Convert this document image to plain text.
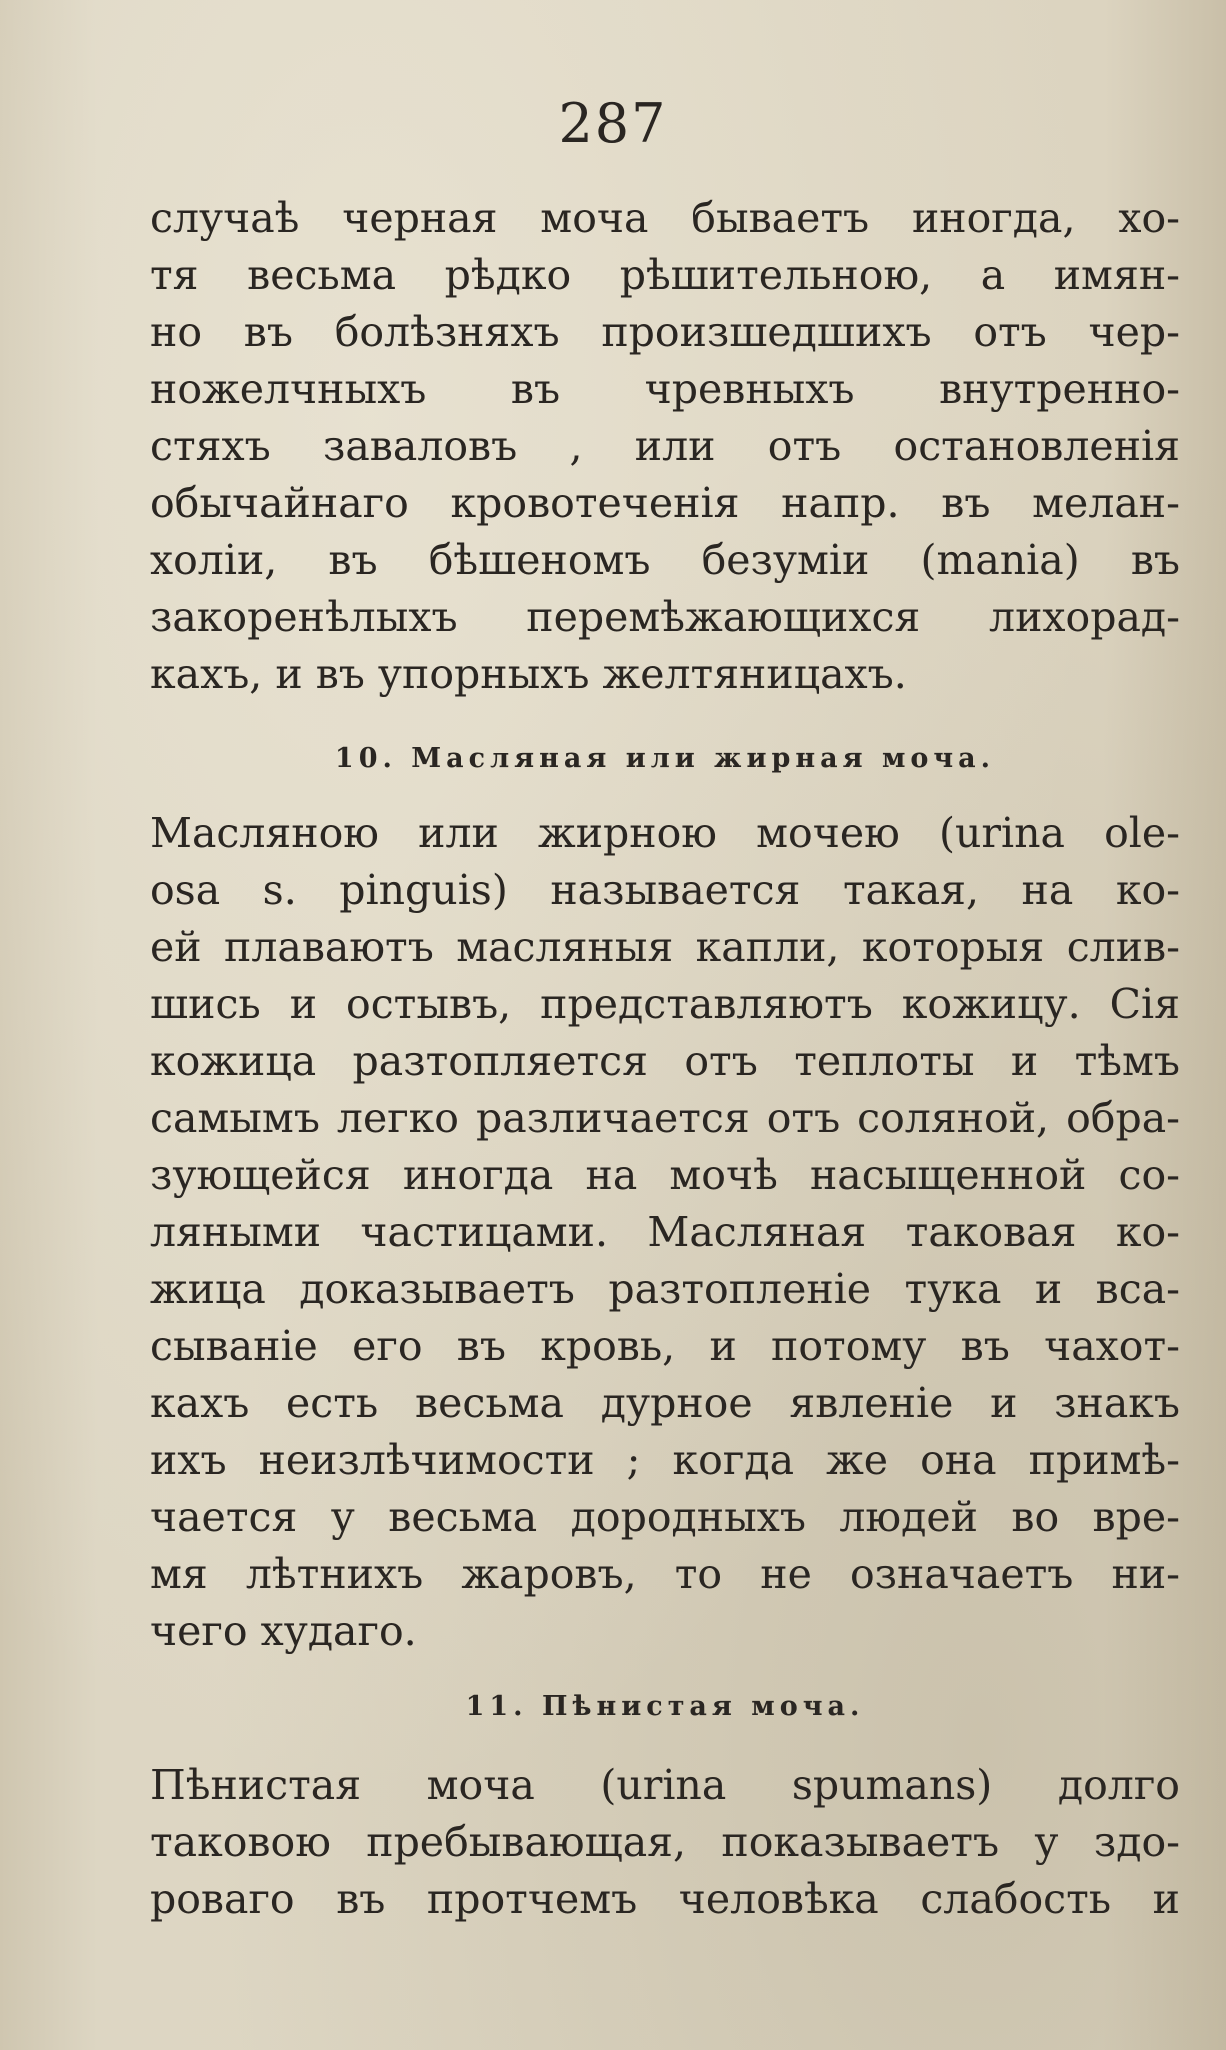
287
случаѣ черная моча бываетъ иногда, хо-
тя весьма рѣдко рѣшительною, а имян-
но въ болѣзняхъ произшедшихъ отъ чер-
ножелчныхъ въ чревныхъ внутренно-
стяхъ заваловъ , или отъ остановленія
обычайнаго кровотеченія напр. въ мелан-
холіи, въ бѣшеномъ безуміи (mania) въ
закоренѣлыхъ перемѣжающихся лихорад-
кахъ, и въ упорныхъ желтяницахъ.
10. Масляная или жирная моча.
Масляною или жирною мочею (urina ole-
osa s. pinguis) называется такая, на ко-
ей плаваютъ масляныя капли, которыя слив-
шись и остывъ, представляютъ кожицу. Сія
кожица разтопляется отъ теплоты и тѣмъ
самымъ легко различается отъ соляной, обра-
зующейся иногда на мочѣ насыщенной со-
ляными частицами. Масляная таковая ко-
жица доказываетъ разтопленіе тука и вса-
сываніе его въ кровь, и потому въ чахот-
кахъ есть весьма дурное явленіе и знакъ
ихъ неизлѣчимости ; когда же она примѣ-
чается у весьма дородныхъ людей во вре-
мя лѣтнихъ жаровъ, то не означаетъ ни-
чего худаго.
11. Пѣнистая моча.
Пѣнистая моча (urina spumans) долго
таковою пребывающая, показываетъ у здо-
роваго въ протчемъ человѣка слабость и
